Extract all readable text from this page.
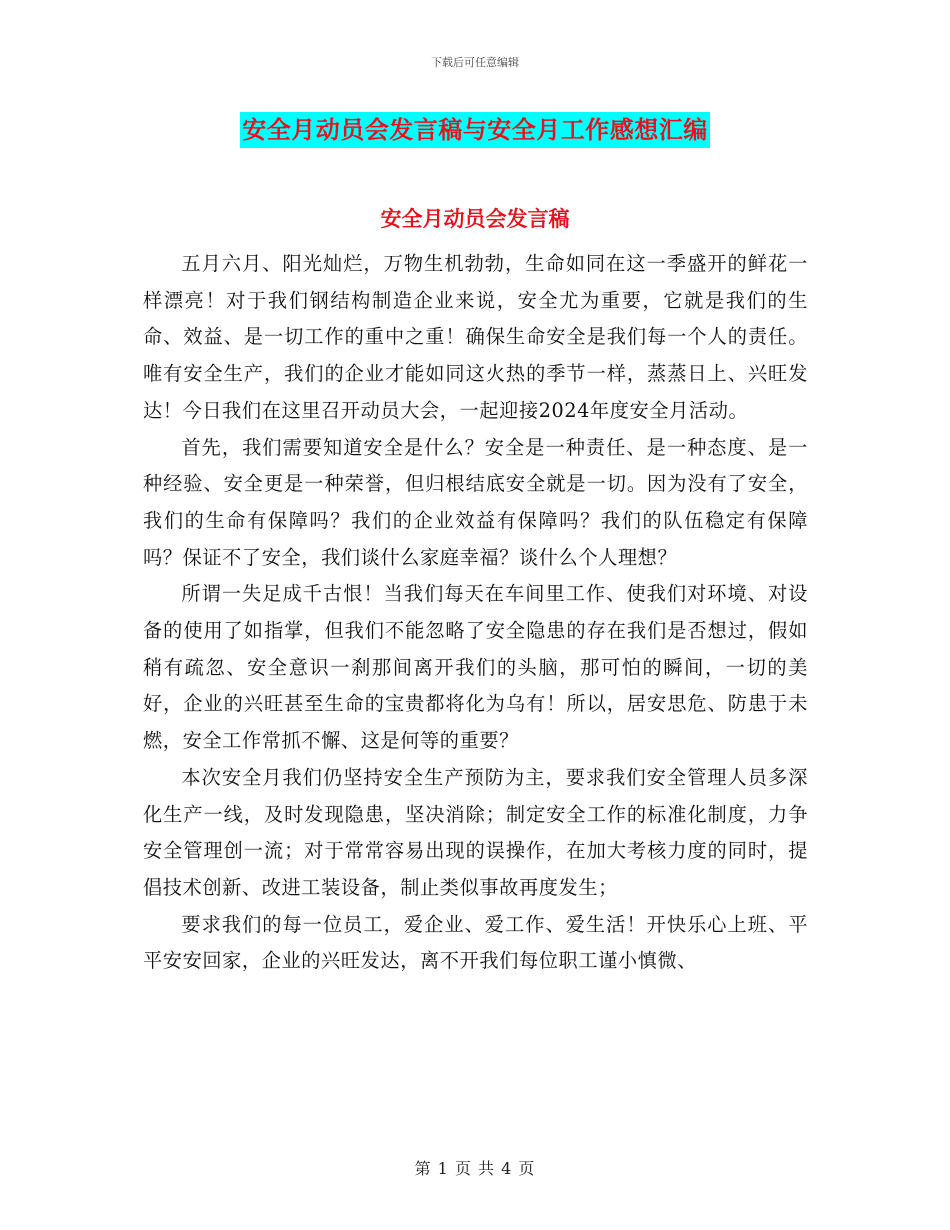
下载后可任意编辑
安全月动员会发言稿与安全月工作感想汇编
安全月动员会发言稿

五月六月、阳光灿烂，万物生机勃勃，生命如同在这一季盛开的鲜花一样漂亮！对于我们钢结构制造企业来说，安全尤为重要，它就是我们的生命、效益、是一切工作的重中之重！确保生命安全是我们每一个人的责任。唯有安全生产，我们的企业才能如同这火热的季节一样，蒸蒸日上、兴旺发达！今日我们在这里召开动员大会，一起迎接2024年度安全月活动。

首先，我们需要知道安全是什么？安全是一种责任、是一种态度、是一种经验、安全更是一种荣誉，但归根结底安全就是一切。因为没有了安全，我们的生命有保障吗？我们的企业效益有保障吗？我们的队伍稳定有保障吗？保证不了安全，我们谈什么家庭幸福？谈什么个人理想？

所谓一失足成千古恨！当我们每天在车间里工作、使我们对环境、对设备的使用了如指掌，但我们不能忽略了安全隐患的存在我们是否想过，假如稍有疏忽、安全意识一刹那间离开我们的头脑，那可怕的瞬间，一切的美好，企业的兴旺甚至生命的宝贵都将化为乌有！所以，居安思危、防患于未燃，安全工作常抓不懈、这是何等的重要？

本次安全月我们仍坚持安全生产预防为主，要求我们安全管理人员多深化生产一线，及时发现隐患，坚决消除；制定安全工作的标准化制度，力争安全管理创一流；对于常常容易出现的误操作，在加大考核力度的同时，提倡技术创新、改进工装设备，制止类似事故再度发生；

要求我们的每一位员工，爱企业、爱工作、爱生活！开快乐心上班、平平安安回家，企业的兴旺发达，离不开我们每位职工谨小慎微、

第 1 页 共 4 页
